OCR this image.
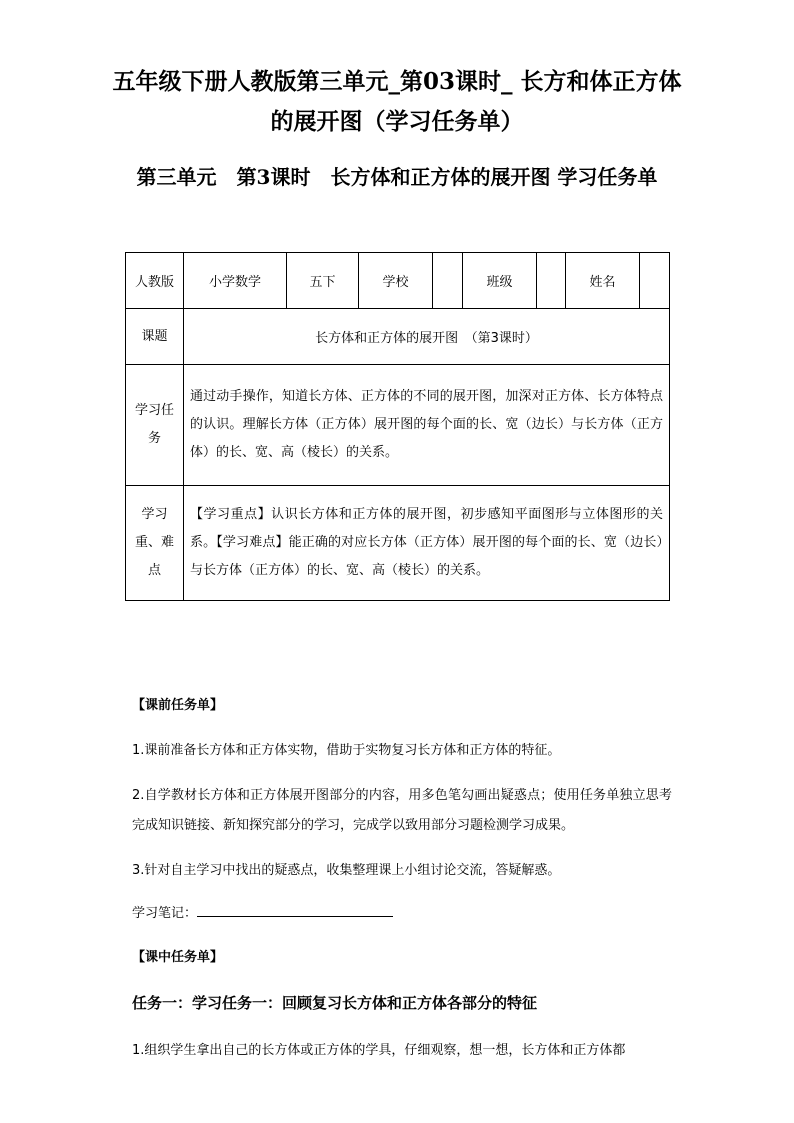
五年级下册人教版第三单元_第03课时_ 长方和体正方体的展开图（学习任务单）
第三单元　第3课时　长方体和正方体的展开图 学习任务单
人教版	小学数学	五下	学校		班级		姓名	
课题	长方体和正方体的展开图　（第3课时）							
学习任务	通过动手操作，知道长方体、正方体的不同的展开图，加深对正方体、长方体特点的认识。理解长方体（正方体）展开图的每个面的长、宽（边长）与长方体（正方体）的长、宽、高（棱长）的关系。							
学习重、难点	【学习重点】认识长方体和正方体的展开图，初步感知平面图形与立体图形的关系。【学习难点】能正确的对应长方体（正方体）展开图的每个面的长、宽（边长）与长方体（正方体）的长、宽、高（棱长）的关系。							
【课前任务单】
1.课前准备长方体和正方体实物，借助于实物复习长方体和正方体的特征。
2.自学教材长方体和正方体展开图部分的内容，用多色笔勾画出疑惑点；使用任务单独立思考完成知识链接、新知探究部分的学习，完成学以致用部分习题检测学习成果。
3.针对自主学习中找出的疑惑点，收集整理课上小组讨论交流，答疑解惑。
学习笔记：
【课中任务单】
任务一：学习任务一：回顾复习长方体和正方体各部分的特征
1.组织学生拿出自己的长方体或正方体的学具，仔细观察，想一想，长方体和正方体都
